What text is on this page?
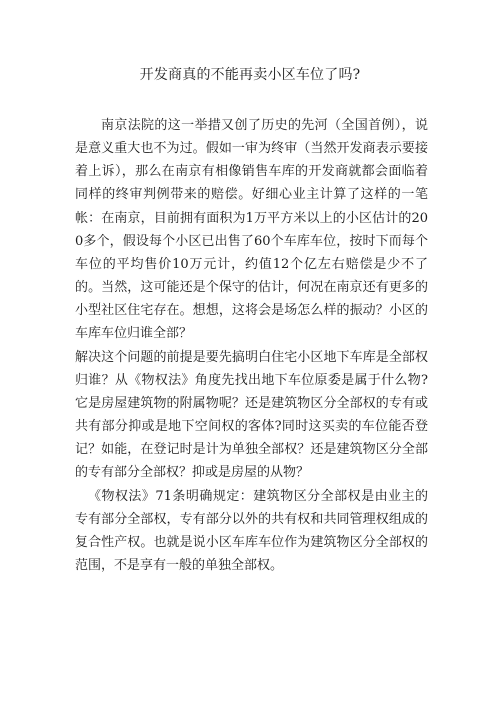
开发商真的不能再卖小区车位了吗?

南京法院的这一举措又创了历史的先河（全国首例），说是意义重大也不为过。假如一审为终审（当然开发商表示要接着上诉），那么在南京有相像销售车库的开发商就都会面临着同样的终审判例带来的赔偿。好细心业主计算了这样的一笔帐：在南京，目前拥有面积为1万平方米以上的小区估计的200多个，假设每个小区已出售了60个车库车位，按时下而每个车位的平均售价10万元计，约值12个亿左右赔偿是少不了的。当然，这可能还是个保守的估计，何况在南京还有更多的小型社区住宅存在。想想，这将会是场怎么样的振动？小区的车库车位归谁全部？

解决这个问题的前提是要先搞明白住宅小区地下车库是全部权归谁？从《物权法》角度先找出地下车位原委是属于什么物?它是房屋建筑物的附属物呢？还是建筑物区分全部权的专有或共有部分抑或是地下空间权的客体?同时这买卖的车位能否登记？如能，在登记时是计为单独全部权？还是建筑物区分全部的专有部分全部权？抑或是房屋的从物？

《物权法》71条明确规定：建筑物区分全部权是由业主的专有部分全部权，专有部分以外的共有权和共同管理权组成的复合性产权。也就是说小区车库车位作为建筑物区分全部权的范围，不是享有一般的单独全部权。
